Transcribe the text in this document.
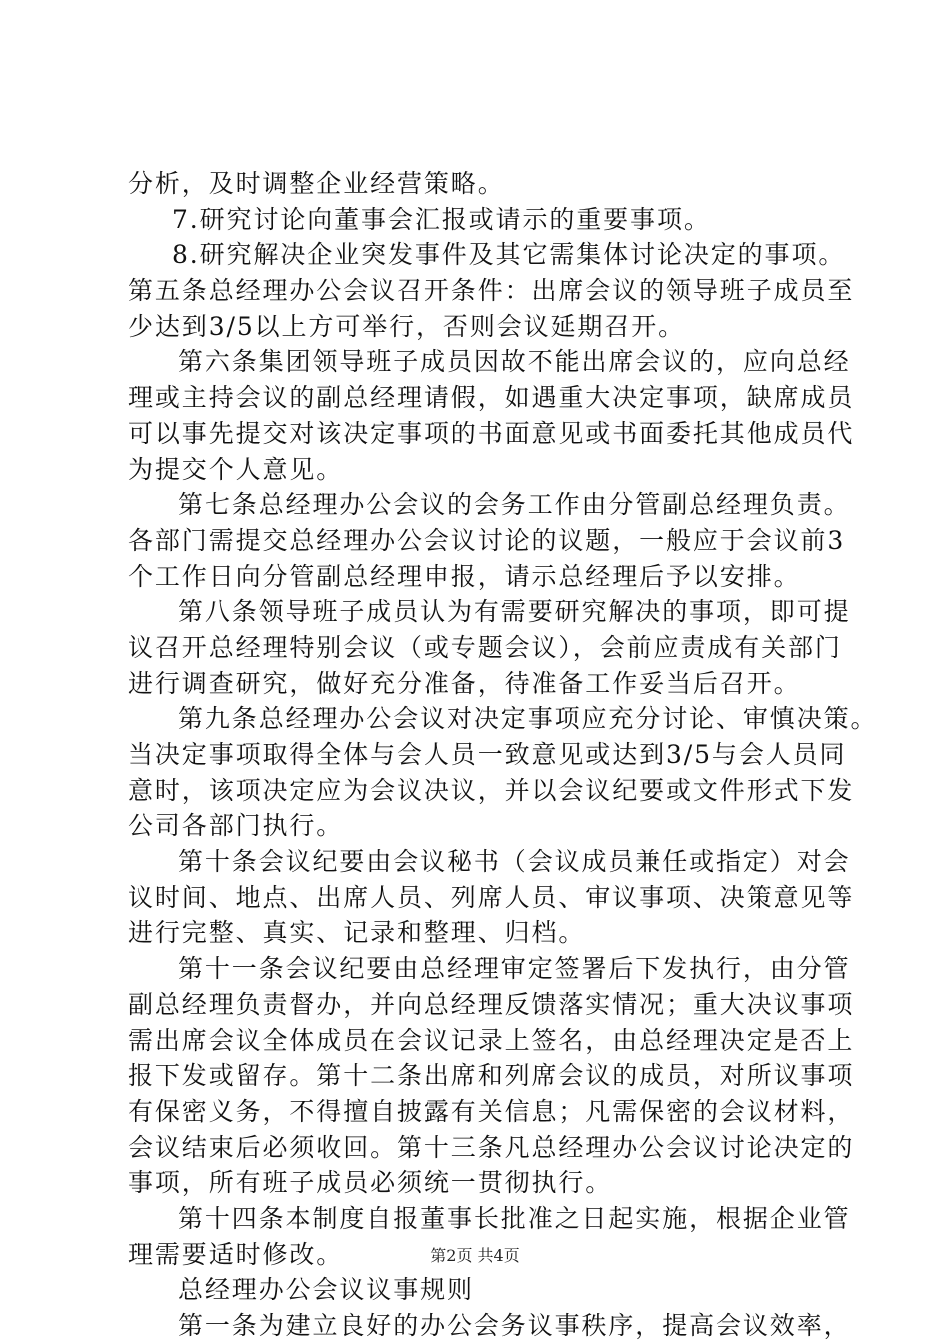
分析，及时调整企业经营策略。
7.研究讨论向董事会汇报或请示的重要事项。
8.研究解决企业突发事件及其它需集体讨论决定的事项。
第五条总经理办公会议召开条件：出席会议的领导班子成员至
少达到3/5以上方可举行，否则会议延期召开。
第六条集团领导班子成员因故不能出席会议的，应向总经
理或主持会议的副总经理请假，如遇重大决定事项，缺席成员
可以事先提交对该决定事项的书面意见或书面委托其他成员代
为提交个人意见。
第七条总经理办公会议的会务工作由分管副总经理负责。
各部门需提交总经理办公会议讨论的议题，一般应于会议前3
个工作日向分管副总经理申报，请示总经理后予以安排。
第八条领导班子成员认为有需要研究解决的事项，即可提
议召开总经理特别会议（或专题会议），会前应责成有关部门
进行调查研究，做好充分准备，待准备工作妥当后召开。
第九条总经理办公会议对决定事项应充分讨论、审慎决策。
当决定事项取得全体与会人员一致意见或达到3/5与会人员同
意时，该项决定应为会议决议，并以会议纪要或文件形式下发
公司各部门执行。
第十条会议纪要由会议秘书（会议成员兼任或指定）对会
议时间、地点、出席人员、列席人员、审议事项、决策意见等
进行完整、真实、记录和整理、归档。
第十一条会议纪要由总经理审定签署后下发执行，由分管
副总经理负责督办，并向总经理反馈落实情况；重大决议事项
需出席会议全体成员在会议记录上签名，由总经理决定是否上
报下发或留存。第十二条出席和列席会议的成员，对所议事项
有保密义务，不得擅自披露有关信息；凡需保密的会议材料，
会议结束后必须收回。第十三条凡总经理办公会议讨论决定的
事项，所有班子成员必须统一贯彻执行。
第十四条本制度自报董事长批准之日起实施，根据企业管
理需要适时修改。
总经理办公会议议事规则
第一条为建立良好的办公会务议事秩序，提高会议效率，
第2页 共4页
